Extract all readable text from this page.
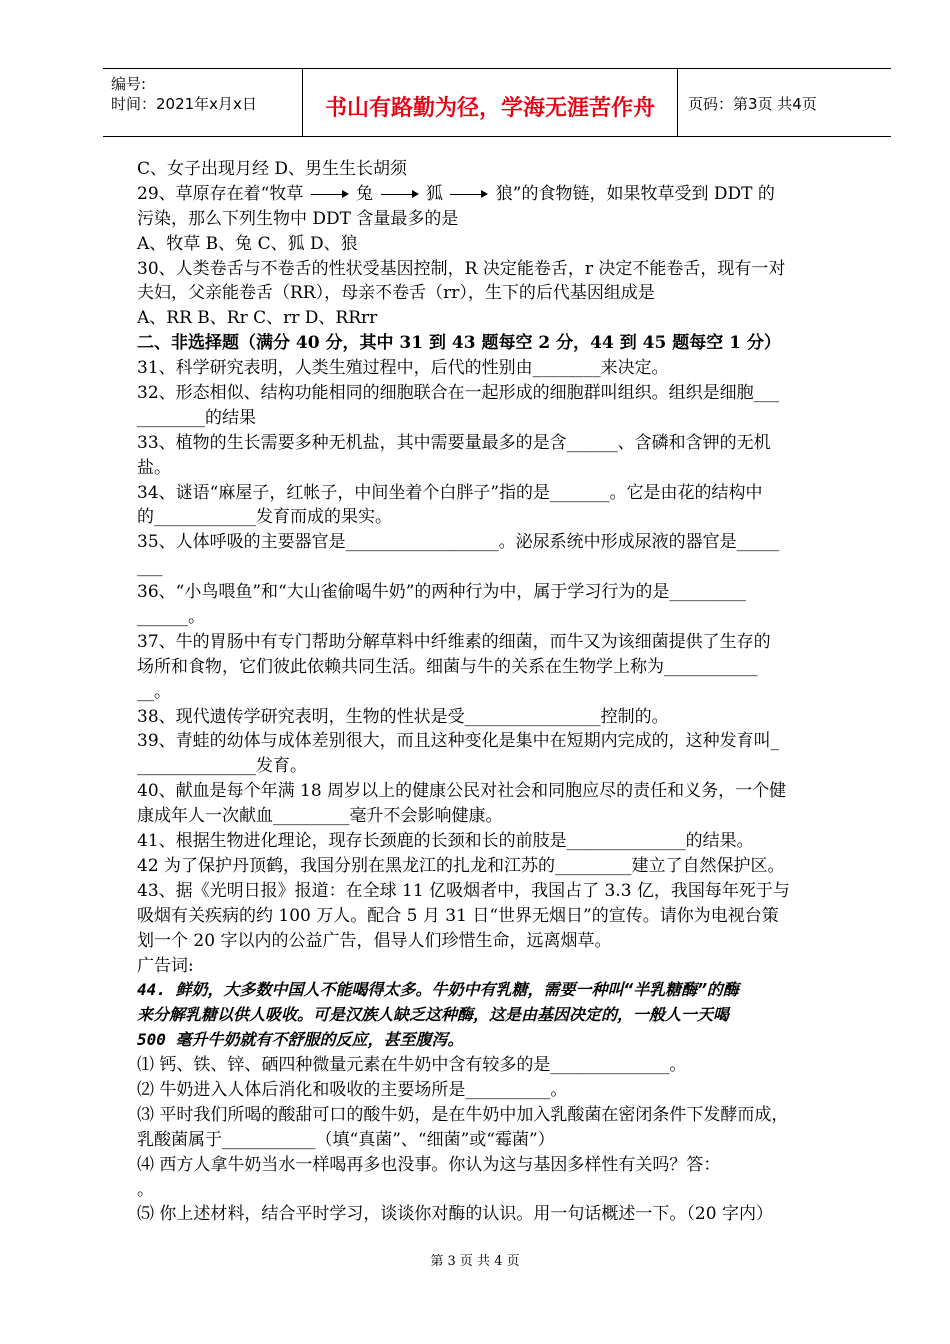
编号:
时间：2021年x月x日	书山有路勤为径，学海无涯苦作舟	页码：第3页 共4页
C、女子出现月经 D、男生生长胡须
29、草原存在着“牧草	兔	狐	狼”的食物链，如果牧草受到 DDT 的
污染，那么下列生物中 DDT 含量最多的是
A、牧草 B、兔 C、狐 D、狼
30、人类卷舌与不卷舌的性状受基因控制，R 决定能卷舌，r 决定不能卷舌，现有一对
夫妇，父亲能卷舌（RR），母亲不卷舌（rr），生下的后代基因组成是
A、RR B、Rr C、rr D、RRrr
二、非选择题（满分 40 分，其中 31 到 43 题每空 2 分，44 到 45 题每空 1 分）
31、科学研究表明，人类生殖过程中，后代的性别由________来决定。
32、形态相似、结构功能相同的细胞联合在一起形成的细胞群叫组织。组织是细胞___
________的结果
33、植物的生长需要多种无机盐，其中需要量最多的是含______、含磷和含钾的无机
盐。
34、谜语“麻屋子，红帐子，中间坐着个白胖子”指的是_______。它是由花的结构中
的____________发育而成的果实。
35、人体呼吸的主要器官是__________________。泌尿系统中形成尿液的器官是_____
___
36、“小鸟喂鱼”和“大山雀偷喝牛奶”的两种行为中，属于学习行为的是_________
______。
37、牛的胃肠中有专门帮助分解草料中纤维素的细菌，而牛又为该细菌提供了生存的
场所和食物，它们彼此依赖共同生活。细菌与牛的关系在生物学上称为___________
__。
38、现代遗传学研究表明，生物的性状是受________________控制的。
39、青蛙的幼体与成体差别很大，而且这种变化是集中在短期内完成的，这种发育叫_
______________发育。
40、献血是每个年满 18 周岁以上的健康公民对社会和同胞应尽的责任和义务，一个健
康成年人一次献血_________毫升不会影响健康。
41、根据生物进化理论，现存长颈鹿的长颈和长的前肢是______________的结果。
42 为了保护丹顶鹤，我国分别在黑龙江的扎龙和江苏的_________建立了自然保护区。
43、据《光明日报》报道：在全球 11 亿吸烟者中，我国占了 3.3 亿，我国每年死于与
吸烟有关疾病的约 100 万人。配合 5 月 31 日“世界无烟日”的宣传。请你为电视台策
划一个 20 字以内的公益广告，倡导人们珍惜生命，远离烟草。
广告词:
44. 鲜奶，大多数中国人不能喝得太多。牛奶中有乳糖，需要一种叫“半乳糖酶”的酶
来分解乳糖以供人吸收。可是汉族人缺乏这种酶，这是由基因决定的，一般人一天喝
500 毫升牛奶就有不舒服的反应，甚至腹泻。
⑴ 钙、铁、锌、硒四种微量元素在牛奶中含有较多的是______________。
⑵ 牛奶进入人体后消化和吸收的主要场所是__________。
⑶ 平时我们所喝的酸甜可口的酸牛奶，是在牛奶中加入乳酸菌在密闭条件下发酵而成，
乳酸菌属于___________（填“真菌”、“细菌”或“霉菌”）
⑷ 西方人拿牛奶当水一样喝再多也没事。你认为这与基因多样性有关吗？答：
。
⑸ 你上述材料，结合平时学习，谈谈你对酶的认识。用一句话概述一下。（20 字内）
第 3 页 共 4 页
